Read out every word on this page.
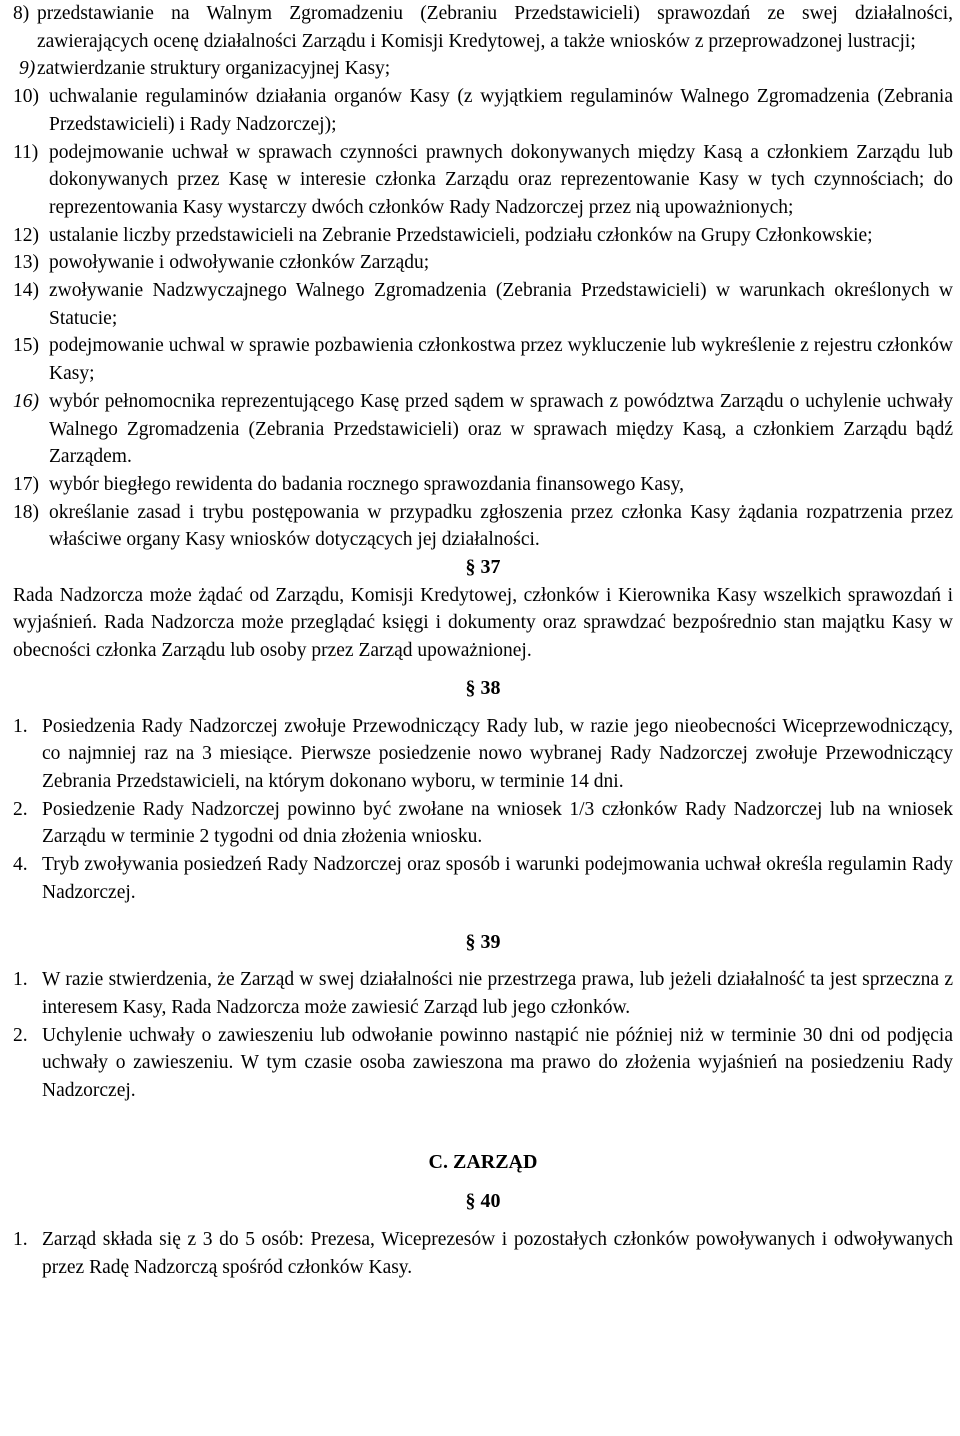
8) przedstawianie na Walnym Zgromadzeniu (Zebraniu Przedstawicieli) sprawozdań ze swej działalności, zawierających ocenę działalności Zarządu i Komisji Kredytowej, a także wniosków z przeprowadzonej lustracji;
9) zatwierdzanie struktury organizacyjnej Kasy;
10) uchwalanie regulaminów działania organów Kasy (z wyjątkiem regulaminów Walnego Zgromadzenia (Zebrania Przedstawicieli) i Rady Nadzorczej);
11) podejmowanie uchwał w sprawach czynności prawnych dokonywanych między Kasą a członkiem Zarządu lub dokonywanych przez Kasę w interesie członka Zarządu oraz reprezentowanie Kasy w tych czynnościach; do reprezentowania Kasy wystarczy dwóch członków Rady Nadzorczej przez nią upoważnionych;
12) ustalanie liczby przedstawicieli na Zebranie Przedstawicieli, podziału członków na Grupy Członkowskie;
13) powoływanie i odwoływanie członków Zarządu;
14) zwoływanie Nadzwyczajnego Walnego Zgromadzenia (Zebrania Przedstawicieli) w warunkach określonych w Statucie;
15) podejmowanie uchwal w sprawie pozbawienia członkostwa przez wykluczenie lub wykreślenie z rejestru członków Kasy;
16) wybór pełnomocnika reprezentującego Kasę przed sądem w sprawach z powództwa Zarządu o uchylenie uchwały Walnego Zgromadzenia (Zebrania Przedstawicieli) oraz w sprawach między Kasą, a członkiem Zarządu bądź Zarządem.
17) wybór biegłego rewidenta do badania rocznego sprawozdania finansowego Kasy,
18) określanie zasad i trybu postępowania w przypadku zgłoszenia przez członka Kasy żądania rozpatrzenia przez właściwe organy Kasy wniosków dotyczących jej działalności.
§ 37
Rada Nadzorcza może żądać od Zarządu, Komisji Kredytowej, członków i Kierownika Kasy wszelkich sprawozdań i wyjaśnień. Rada Nadzorcza może przeglądać księgi i dokumenty oraz sprawdzać bezpośrednio stan majątku Kasy w obecności członka Zarządu lub osoby przez Zarząd upoważnionej.
§ 38
1. Posiedzenia Rady Nadzorczej zwołuje Przewodniczący Rady lub, w razie jego nieobecności Wiceprzewodniczący, co najmniej raz na 3 miesiące. Pierwsze posiedzenie nowo wybranej Rady Nadzorczej zwołuje Przewodniczący Zebrania Przedstawicieli, na którym dokonano wyboru, w terminie 14 dni.
2. Posiedzenie Rady Nadzorczej powinno być zwołane na wniosek 1/3 członków Rady Nadzorczej lub na wniosek Zarządu w terminie 2 tygodni od dnia złożenia wniosku.
4. Tryb zwoływania posiedzeń Rady Nadzorczej oraz sposób i warunki podejmowania uchwał określa regulamin Rady Nadzorczej.
§ 39
1. W razie stwierdzenia, że Zarząd w swej działalności nie przestrzega prawa, lub jeżeli działalność ta jest sprzeczna z interesem Kasy, Rada Nadzorcza może zawiesić Zarząd lub jego członków.
2. Uchylenie uchwały o zawieszeniu lub odwołanie powinno nastąpić nie później niż w terminie 30 dni od podjęcia uchwały o zawieszeniu. W tym czasie osoba zawieszona ma prawo do złożenia wyjaśnień na posiedzeniu Rady Nadzorczej.
C. ZARZĄD
§ 40
1. Zarząd składa się z 3 do 5 osób: Prezesa, Wiceprezesów i pozostałych członków powoływanych i odwoływanych przez Radę Nadzorczą spośród członków Kasy.
